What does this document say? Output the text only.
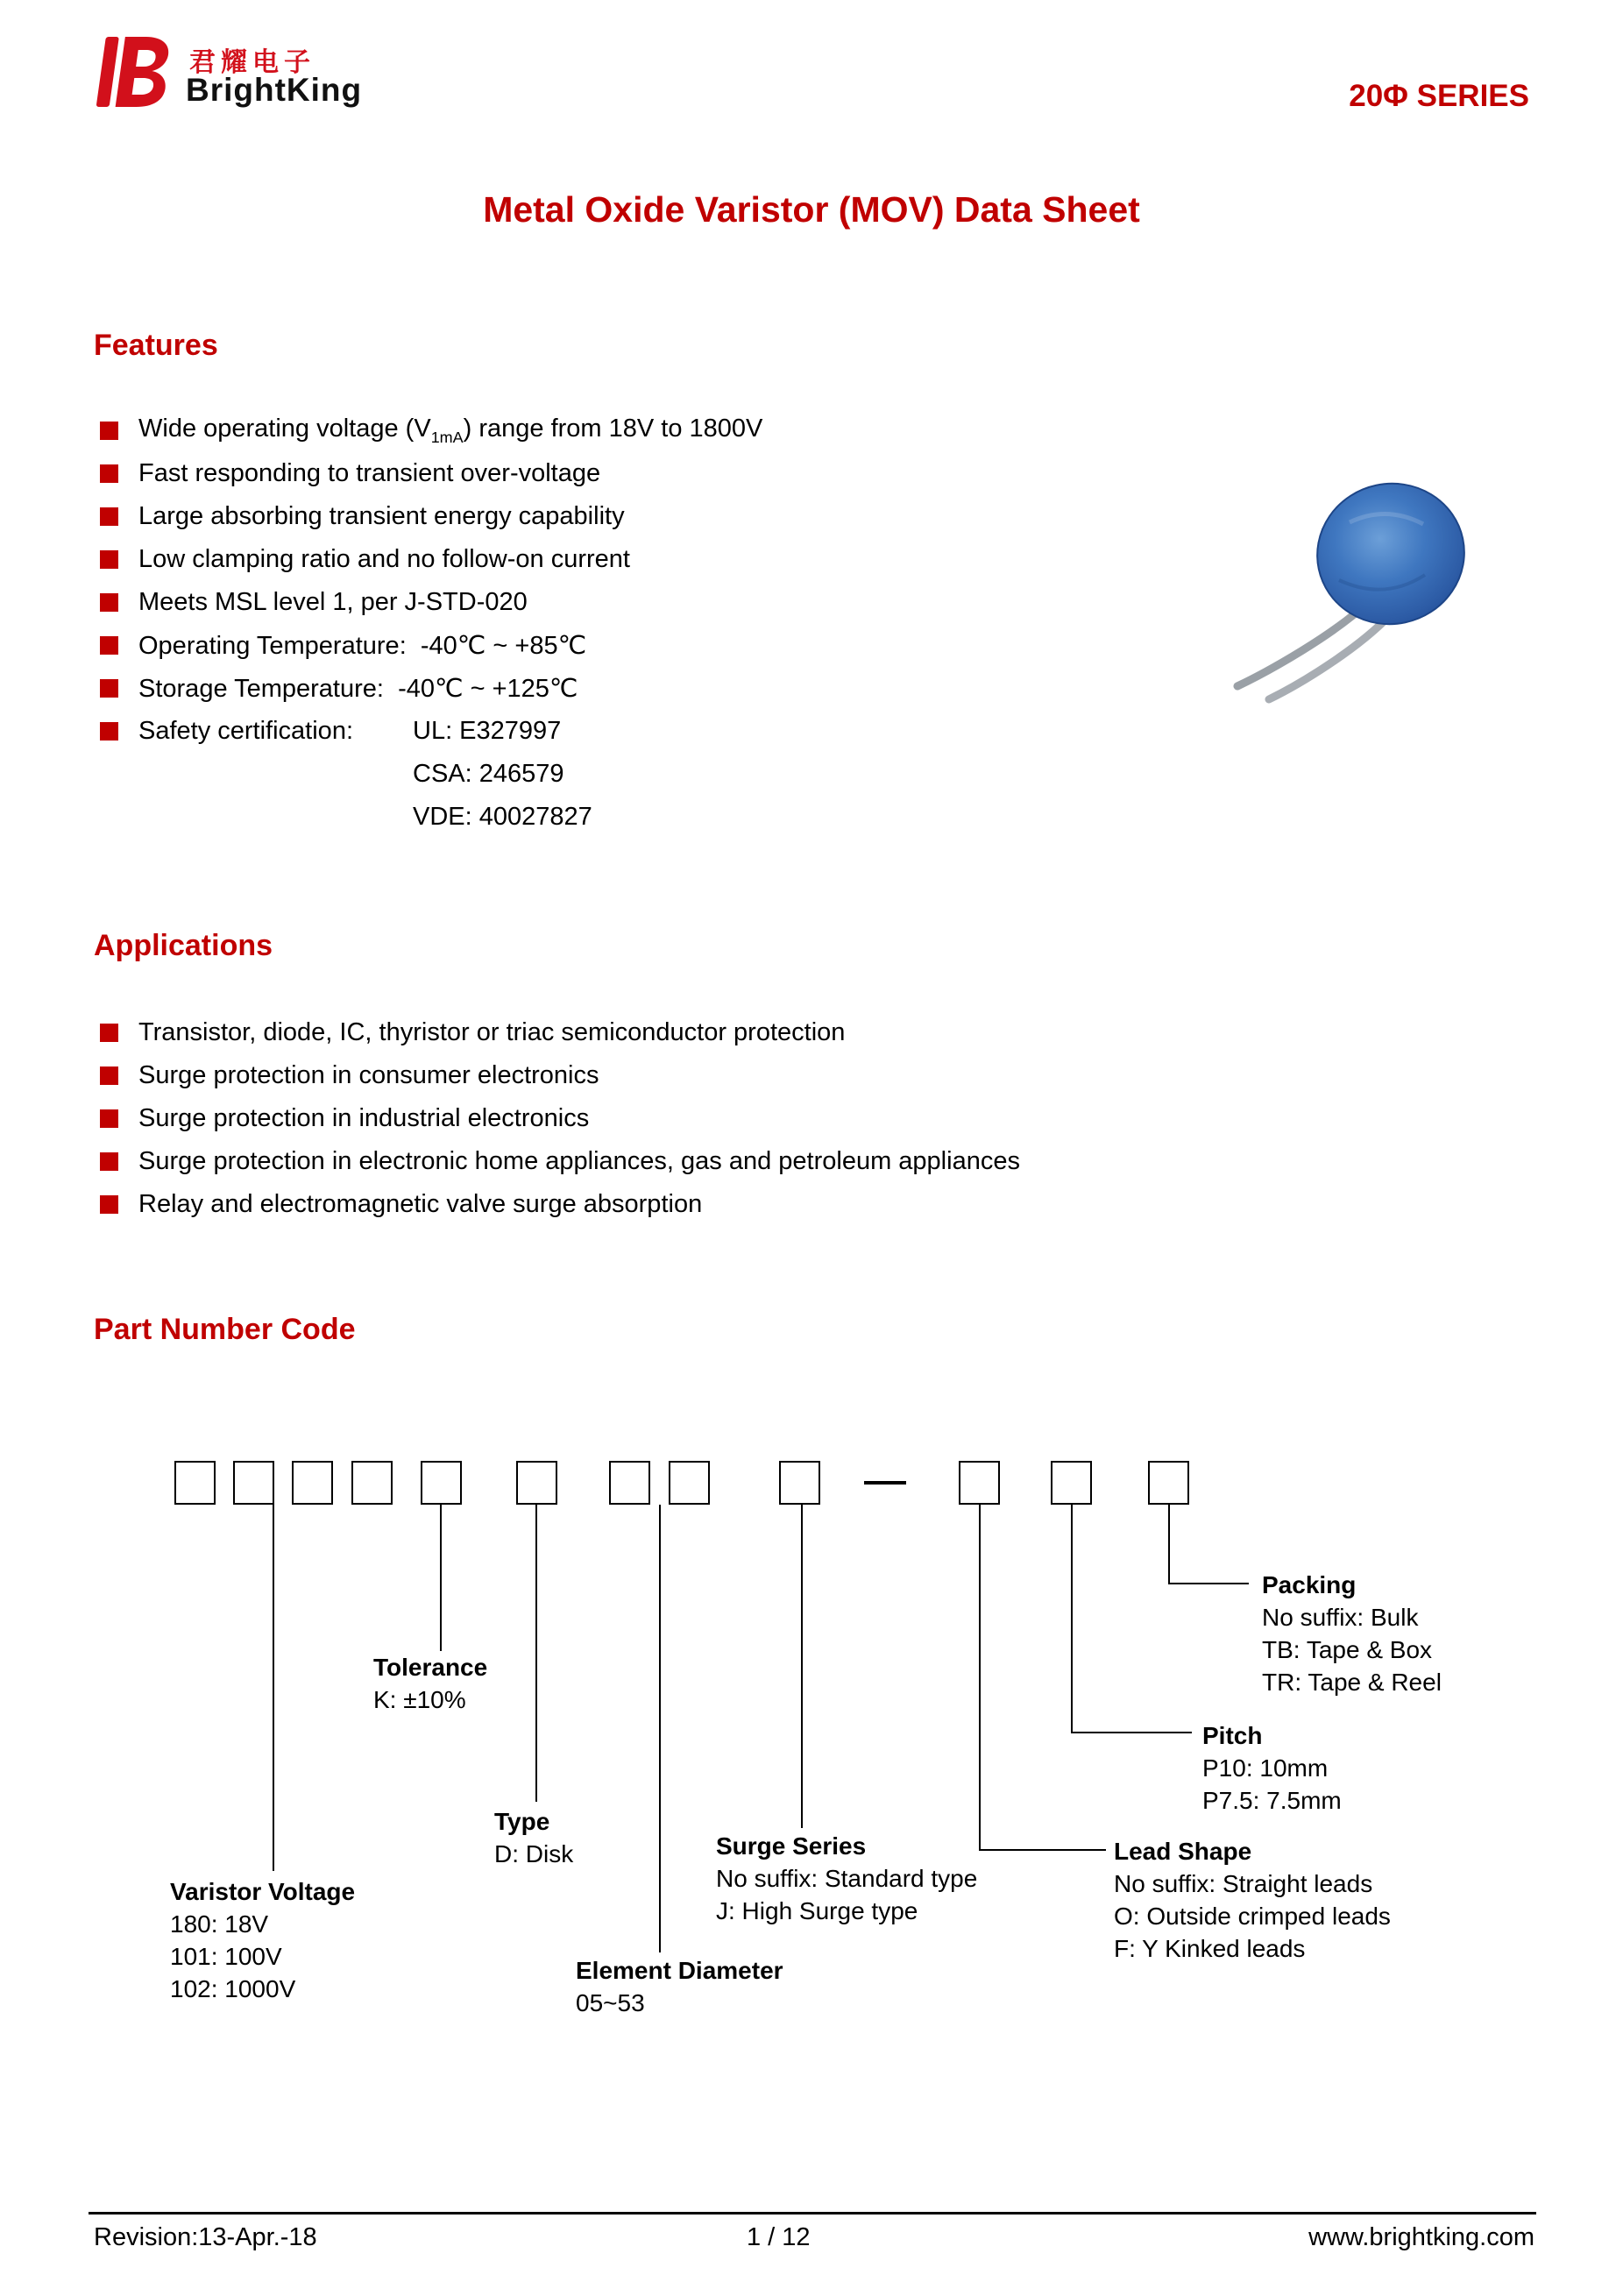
君耀电子
BrightKing	20Φ SERIES
Metal Oxide Varistor (MOV) Data Sheet
Features
Wide operating voltage $(V_{1mA})$ range from 18V to 1800V
Fast responding to transient over-voltage
Large absorbing transient energy capability
Low clamping ratio and no follow-on current
Meets MSL level 1, per J-STD-020
Operating Temperature:  -40℃ ~ +85℃
Storage Temperature:  -40℃ ~ +125℃
Safety certification:	UL: E327997
CSA: 246579
VDE: 40027827
Applications
Transistor, diode, IC, thyristor or triac semiconductor protection
Surge protection in consumer electronics
Surge protection in industrial electronics
Surge protection in electronic home appliances, gas and petroleum appliances
Relay and electromagnetic valve surge absorption
Part Number Code
Packing
No suffix: Bulk
TB: Tape & Box
TR: Tape & Reel
Pitch
P10: 10mm
P7.5: 7.5mm
Lead Shape
No suffix: Straight leads
O: Outside crimped leads
F: Y Kinked leads
Surge Series
No suffix: Standard type
J: High Surge type
Element Diameter
05~53
Type
D: Disk
Tolerance
K: ±10%
Varistor Voltage
180: 18V
101: 100V
102: 1000V
Revision:13-Apr.-18	1 / 12	www.brightking.com
